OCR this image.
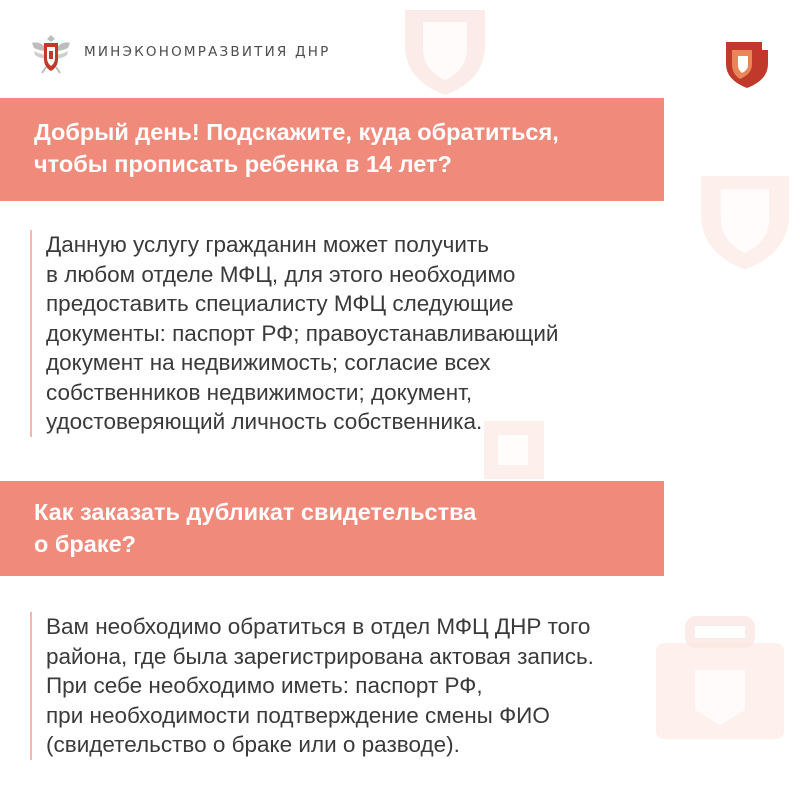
МИНЭКОНОМРАЗВИТИЯ ДНР
Добрый день! Подскажите, куда обратиться,
чтобы прописать ребенка в 14 лет?
Данную услугу гражданин может получить
в любом отделе МФЦ, для этого необходимо
предоставить специалисту МФЦ следующие
документы: паспорт РФ; правоустанавливающий
документ на недвижимость; согласие всех
собственников недвижимости; документ,
удостоверяющий личность собственника.
Как заказать дубликат свидетельства
о браке?
Вам необходимо обратиться в отдел МФЦ ДНР того
района, где была зарегистрирована актовая запись.
При себе необходимо иметь: паспорт РФ,
при необходимости подтверждение смены ФИО
(свидетельство о браке или о разводе).
